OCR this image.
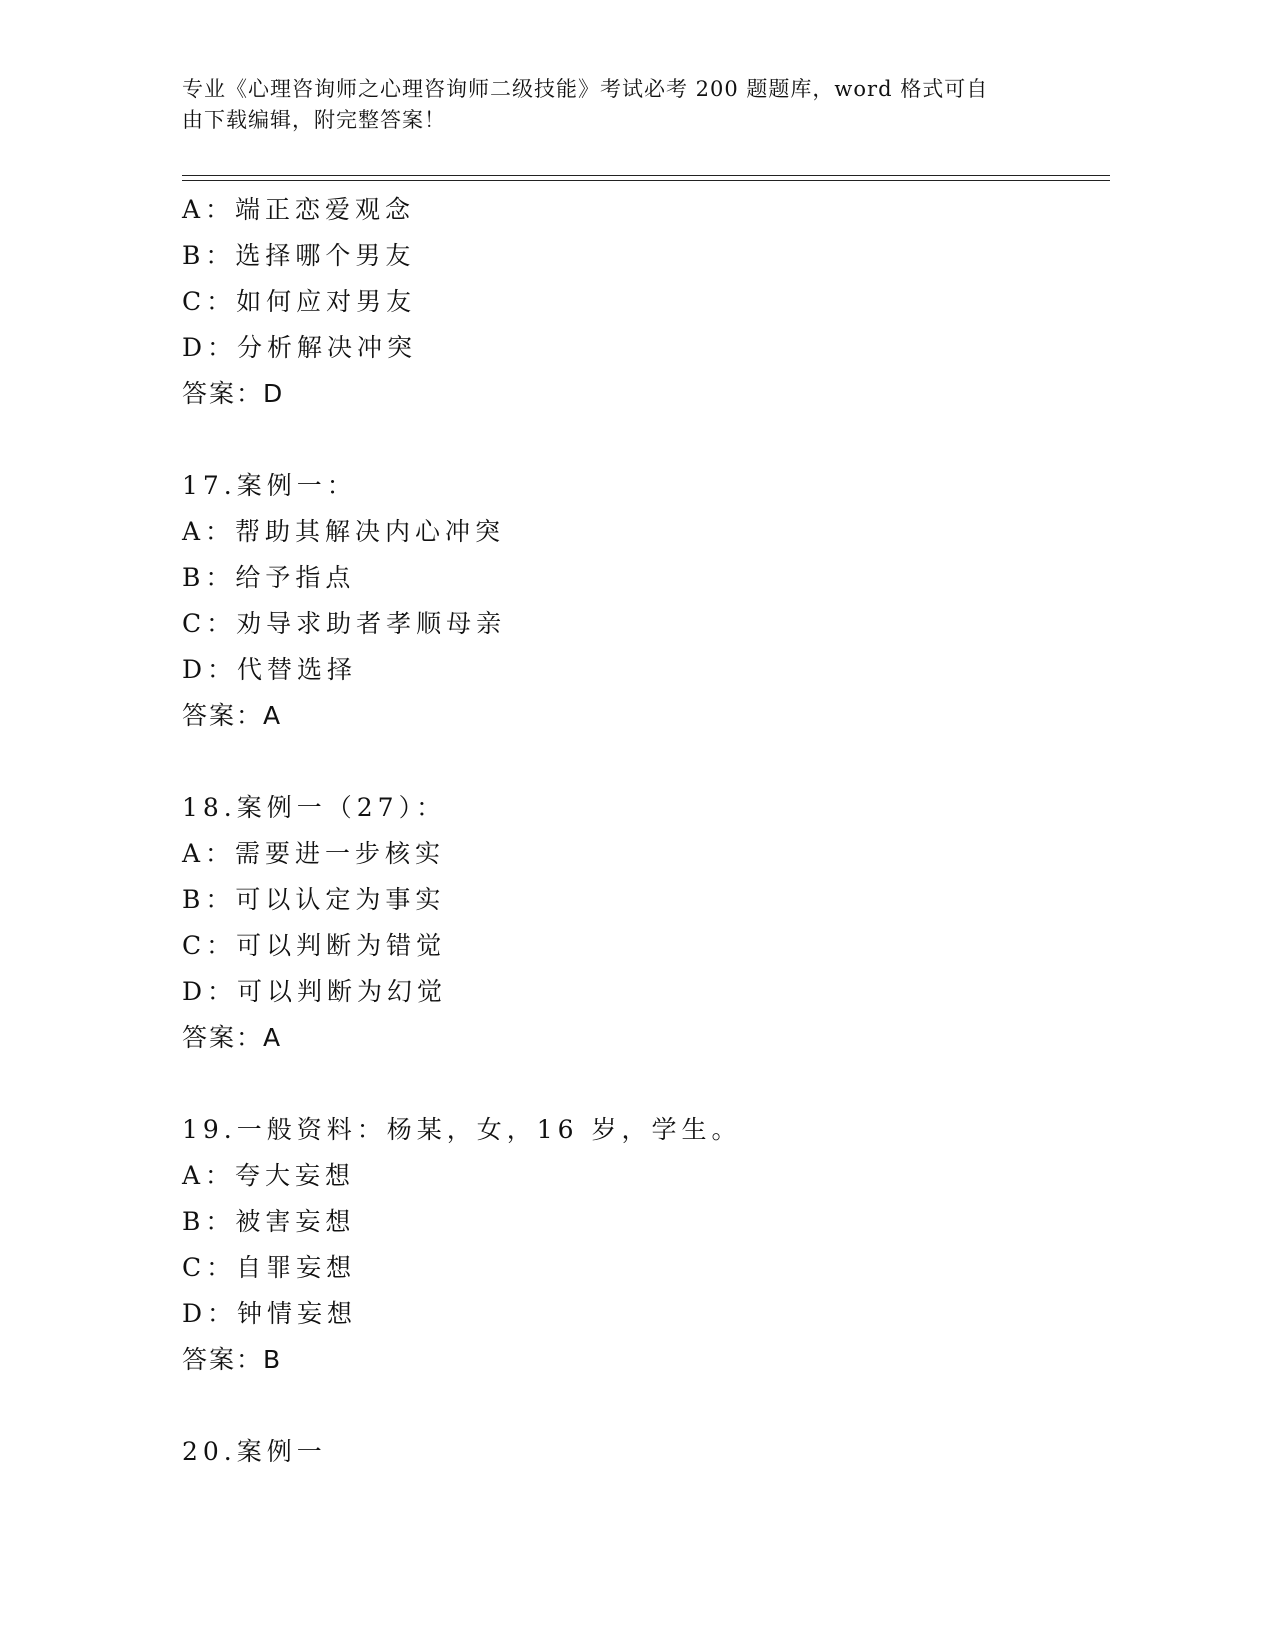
专业《心理咨询师之心理咨询师二级技能》考试必考 200 题题库，word 格式可自
由下载编辑，附完整答案！
A：端正恋爱观念
B：选择哪个男友
C：如何应对男友
D：分析解决冲突
答案：D
17.案例一：
A：帮助其解决内心冲突
B：给予指点
C：劝导求助者孝顺母亲
D：代替选择
答案：A
18.案例一（27）：
A：需要进一步核实
B：可以认定为事实
C：可以判断为错觉
D：可以判断为幻觉
答案：A
19.一般资料：杨某，女，16 岁，学生。
A：夸大妄想
B：被害妄想
C：自罪妄想
D：钟情妄想
答案：B
20.案例一
